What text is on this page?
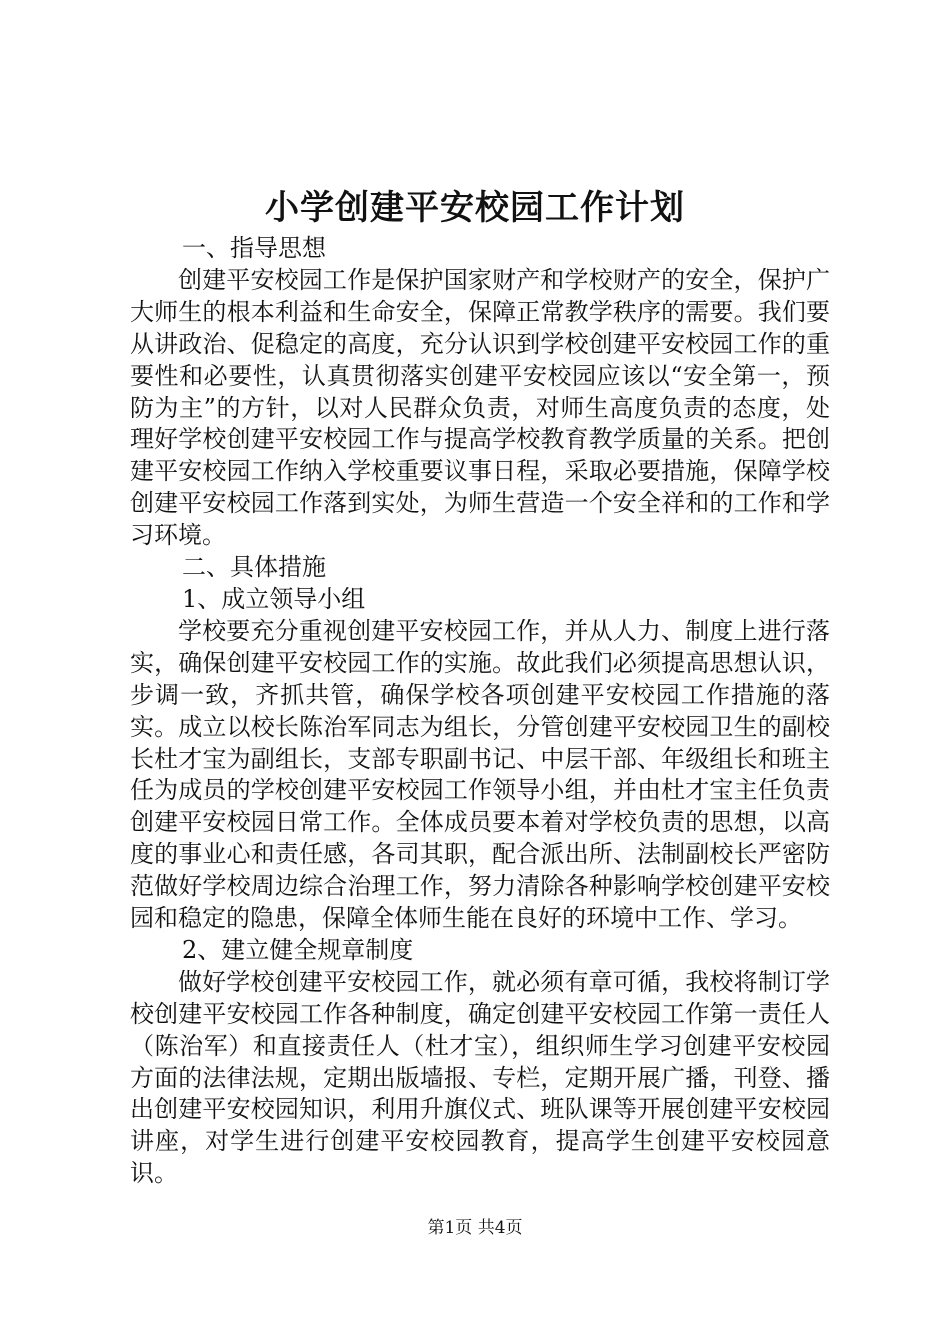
小学创建平安校园工作计划

一、指导思想

创建平安校园工作是保护国家财产和学校财产的安全，保护广大师生的根本利益和生命安全，保障正常教学秩序的需要。我们要从讲政治、促稳定的高度，充分认识到学校创建平安校园工作的重要性和必要性，认真贯彻落实创建平安校园应该以“安全第一，预防为主”的方针，以对人民群众负责，对师生高度负责的态度，处理好学校创建平安校园工作与提高学校教育教学质量的关系。把创建平安校园工作纳入学校重要议事日程，采取必要措施，保障学校创建平安校园工作落到实处，为师生营造一个安全祥和的工作和学习环境。

二、具体措施

1、成立领导小组

学校要充分重视创建平安校园工作，并从人力、制度上进行落实，确保创建平安校园工作的实施。故此我们必须提高思想认识，步调一致，齐抓共管，确保学校各项创建平安校园工作措施的落实。成立以校长陈治军同志为组长，分管创建平安校园卫生的副校长杜才宝为副组长，支部专职副书记、中层干部、年级组长和班主任为成员的学校创建平安校园工作领导小组，并由杜才宝主任负责创建平安校园日常工作。全体成员要本着对学校负责的思想，以高度的事业心和责任感，各司其职，配合派出所、法制副校长严密防范做好学校周边综合治理工作，努力清除各种影响学校创建平安校园和稳定的隐患，保障全体师生能在良好的环境中工作、学习。

2、建立健全规章制度

做好学校创建平安校园工作，就必须有章可循，我校将制订学校创建平安校园工作各种制度，确定创建平安校园工作第一责任人（陈治军）和直接责任人（杜才宝），组织师生学习创建平安校园方面的法律法规，定期出版墙报、专栏，定期开展广播，刊登、播出创建平安校园知识，利用升旗仪式、班队课等开展创建平安校园讲座，对学生进行创建平安校园教育，提高学生创建平安校园意识。

第1页 共4页
